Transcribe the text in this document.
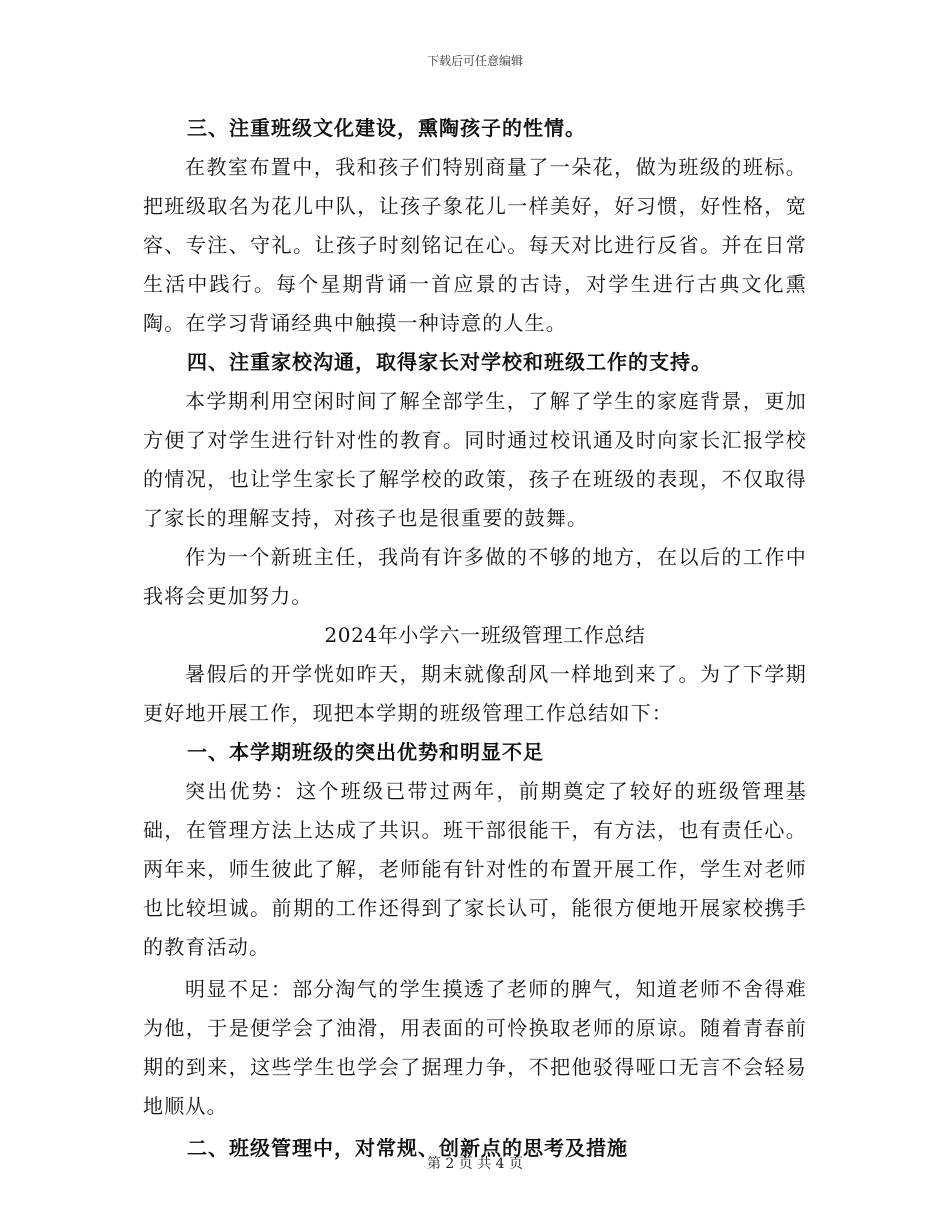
下载后可任意编辑

三、注重班级文化建设，熏陶孩子的性情。

在教室布置中，我和孩子们特别商量了一朵花，做为班级的班标。把班级取名为花儿中队，让孩子象花儿一样美好，好习惯，好性格，宽容、专注、守礼。让孩子时刻铭记在心。每天对比进行反省。并在日常生活中践行。每个星期背诵一首应景的古诗，对学生进行古典文化熏陶。在学习背诵经典中触摸一种诗意的人生。

四、注重家校沟通，取得家长对学校和班级工作的支持。

本学期利用空闲时间了解全部学生，了解了学生的家庭背景，更加方便了对学生进行针对性的教育。同时通过校讯通及时向家长汇报学校的情况，也让学生家长了解学校的政策，孩子在班级的表现，不仅取得了家长的理解支持，对孩子也是很重要的鼓舞。

作为一个新班主任，我尚有许多做的不够的地方，在以后的工作中我将会更加努力。

2024年小学六一班级管理工作总结

暑假后的开学恍如昨天，期末就像刮风一样地到来了。为了下学期更好地开展工作，现把本学期的班级管理工作总结如下：

一、本学期班级的突出优势和明显不足

突出优势：这个班级已带过两年，前期奠定了较好的班级管理基础，在管理方法上达成了共识。班干部很能干，有方法，也有责任心。两年来，师生彼此了解，老师能有针对性的布置开展工作，学生对老师也比较坦诚。前期的工作还得到了家长认可，能很方便地开展家校携手的教育活动。

明显不足：部分淘气的学生摸透了老师的脾气，知道老师不舍得难为他，于是便学会了油滑，用表面的可怜换取老师的原谅。随着青春前期的到来，这些学生也学会了据理力争，不把他驳得哑口无言不会轻易地顺从。

二、班级管理中，对常规、创新点的思考及措施

第 2 页 共 4 页
